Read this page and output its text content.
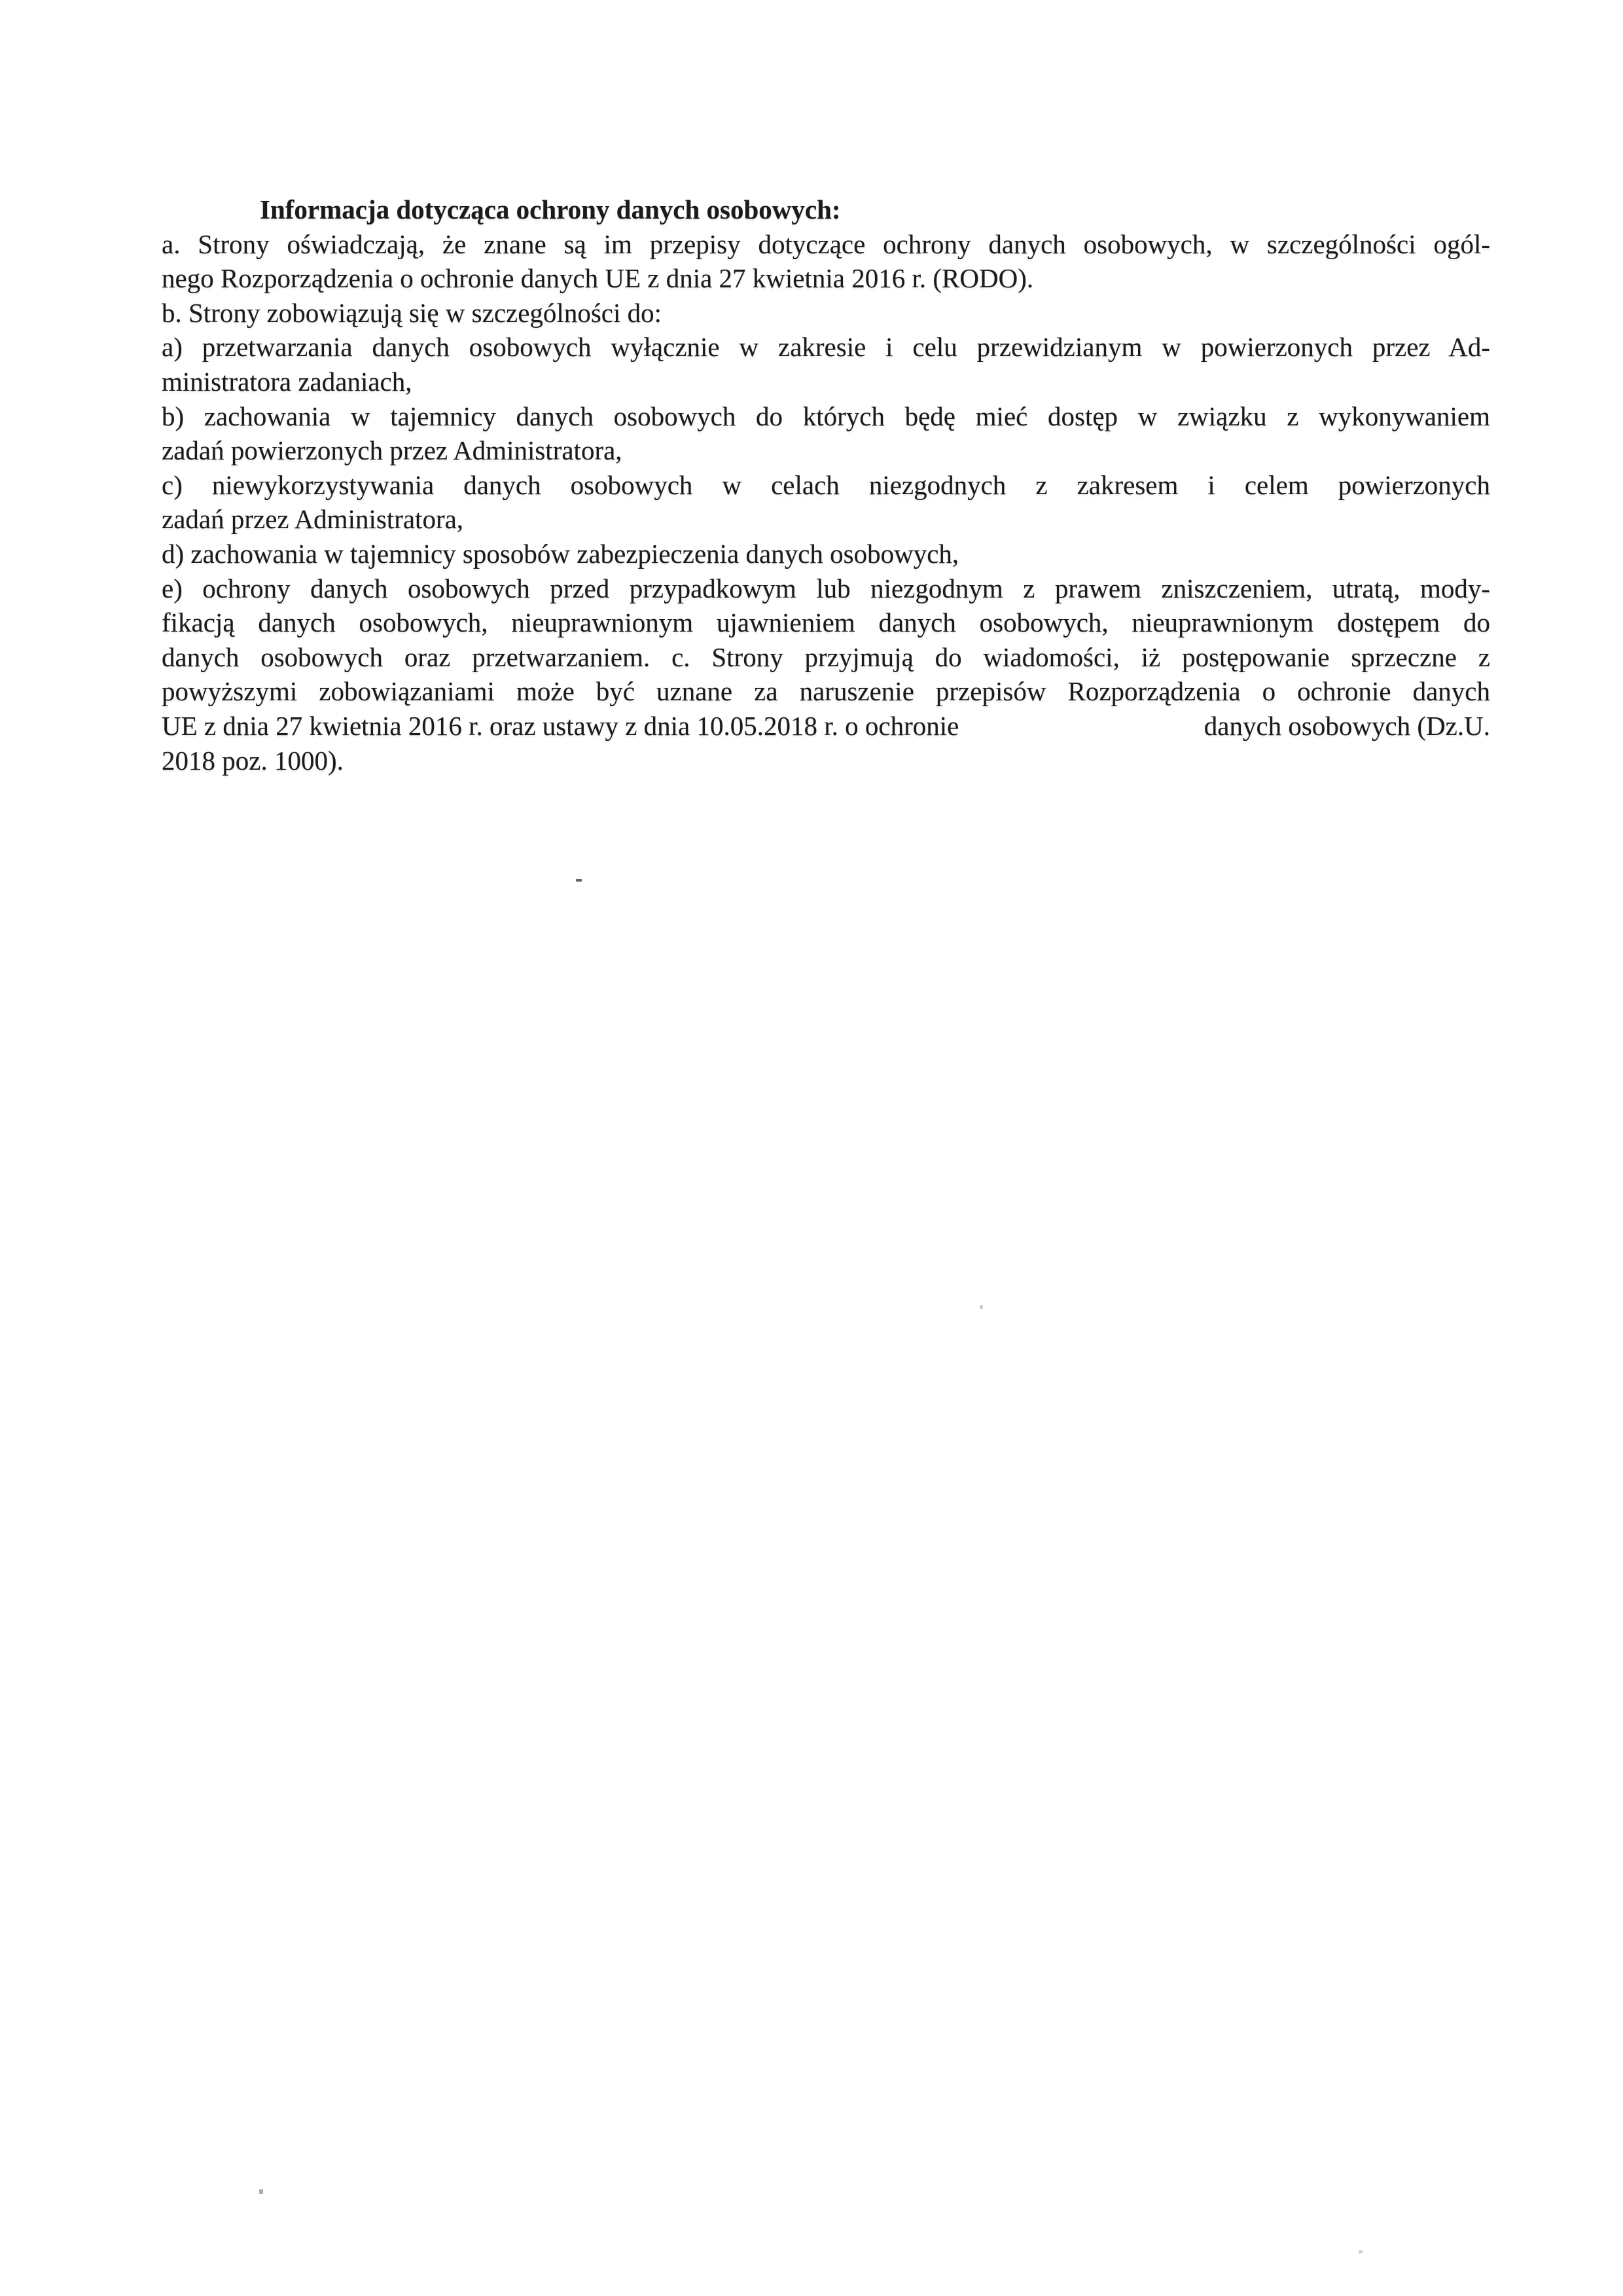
Informacja dotycząca ochrony danych osobowych:
a. Strony oświadczają, że znane są im przepisy dotyczące ochrony danych osobowych, w szczególności ogól-
nego Rozporządzenia o ochronie danych UE z dnia 27 kwietnia 2016 r. (RODO).
b. Strony zobowiązują się w szczególności do:
a) przetwarzania danych osobowych wyłącznie w zakresie i celu przewidzianym w powierzonych przez Ad-
ministratora zadaniach,
b) zachowania w tajemnicy danych osobowych do których będę mieć dostęp w związku z wykonywaniem
zadań powierzonych przez Administratora,
c) niewykorzystywania danych osobowych w celach niezgodnych z zakresem i celem powierzonych
zadań przez Administratora,
d) zachowania w tajemnicy sposobów zabezpieczenia danych osobowych,
e) ochrony danych osobowych przed przypadkowym lub niezgodnym z prawem zniszczeniem, utratą, mody-
fikacją danych osobowych, nieuprawnionym ujawnieniem danych osobowych, nieuprawnionym dostępem do
danych osobowych oraz przetwarzaniem. c. Strony przyjmują do wiadomości, iż postępowanie sprzeczne z
powyższymi zobowiązaniami może być uznane za naruszenie przepisów Rozporządzenia o ochronie danych
UE z dnia 27 kwietnia 2016 r. oraz ustawy z dnia 10.05.2018 r. o ochronie	danych osobowych (Dz.U.
2018 poz. 1000).
